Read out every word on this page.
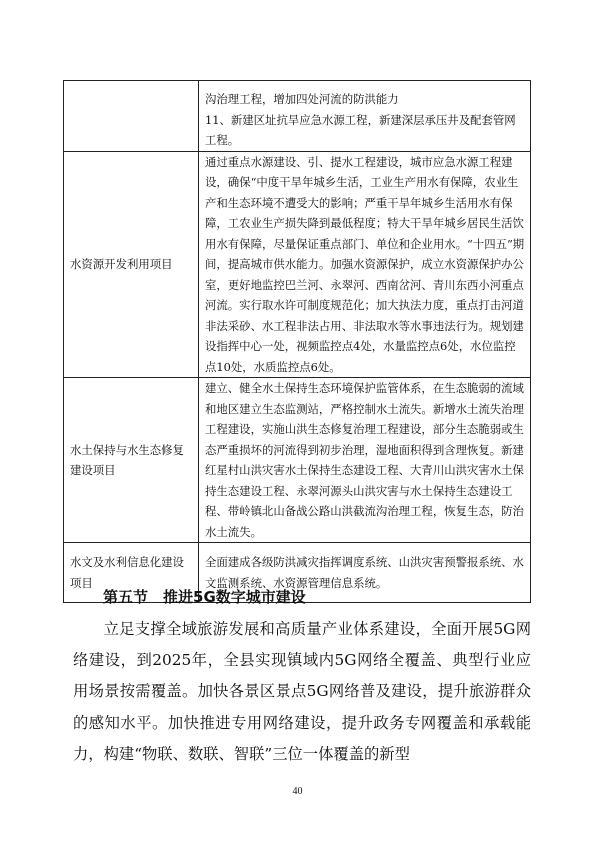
	沟治理工程，增加四处河流的防洪能力

11、新建区址抗旱应急水源工程，新建深层承压井及配套管网工程。

水资源开发利用项目	通过重点水源建设、引、提水工程建设，城市应急水源工程建设，确保“中度干旱年城乡生活，工业生产用水有保障，农业生产和生态环境不遭受大的影响；严重干旱年城乡生活用水有保障，工农业生产损失降到最低程度；特大干旱年城乡居民生活饮用水有保障，尽量保证重点部门、单位和企业用水。“十四五”期间，提高城市供水能力。加强水资源保护，成立水资源保护办公室，更好地监控巴兰河、永翠河、西南岔河、青川东西小河重点河流。实行取水许可制度规范化；加大执法力度，重点打击河道非法采砂、水工程非法占用、非法取水等水事违法行为。规划建设指挥中心一处，视频监控点4处，水量监控点6处，水位监控点10处，水质监控点6处。

水土保持与水生态修复建设项目	建立、健全水土保持生态环境保护监管体系，在生态脆弱的流域和地区建立生态监测站，严格控制水土流失。新增水土流失治理工程建设，实施山洪生态修复治理工程建设，部分生态脆弱或生态严重损坏的河流得到初步治理，湿地面积得到含理恢复。新建红星村山洪灾害水土保持生态建设工程、大青川山洪灾害水土保持生态建设工程、永翠河源头山洪灾害与水土保持生态建设工程、带岭镇北山备战公路山洪截流沟治理工程，恢复生态，防治水土流失。

水文及水利信息化建设项目	全面建成各级防洪减灾指挥调度系统、山洪灾害预警报系统、水文监测系统、水资源管理信息系统。

第五节　推进5G数字城市建设

立足支撑全域旅游发展和高质量产业体系建设，全面开展5G网络建设，到2025年，全县实现镇域内5G网络全覆盖、典型行业应用场景按需覆盖。加快各景区景点5G网络普及建设，提升旅游群众的感知水平。加快推进专用网络建设，提升政务专网覆盖和承载能力，构建“物联、数联、智联”三位一体覆盖的新型

40
